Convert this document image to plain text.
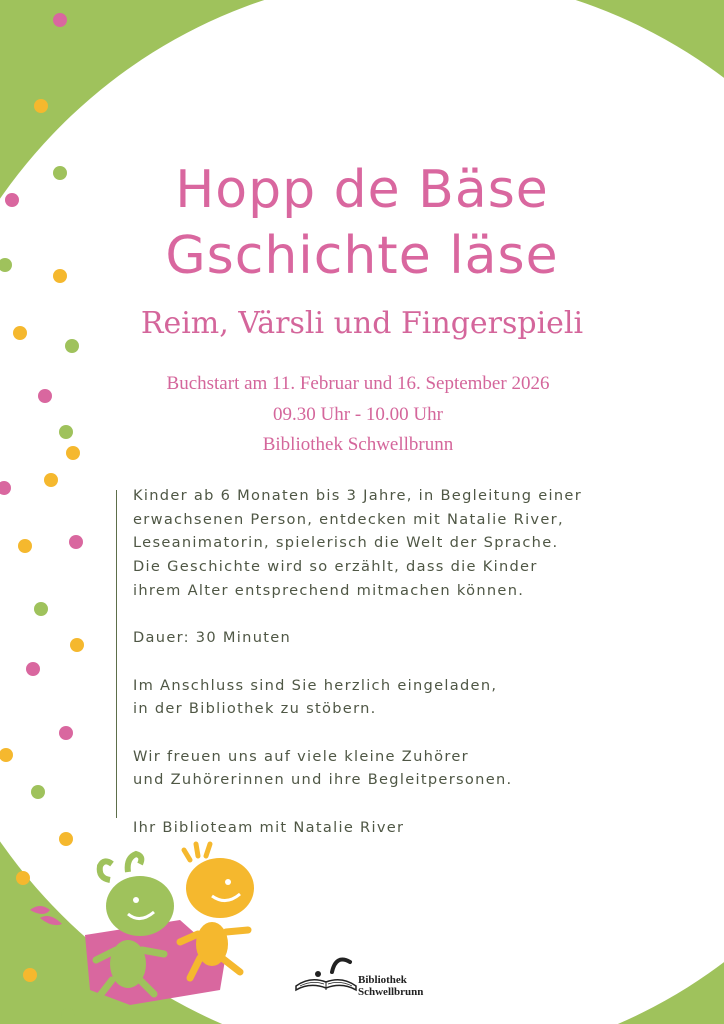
Hopp de Bäse
Gschichte läse
Reim, Värsli und Fingerspieli
Buchstart am 11. Februar und 16. September 2026
09.30 Uhr - 10.00 Uhr
Bibliothek Schwellbrunn

Kinder ab 6 Monaten bis 3 Jahre, in Begleitung einer
erwachsenen Person, entdecken mit Natalie River,
Leseanimatorin, spielerisch die Welt der Sprache.
Die Geschichte wird so erzählt, dass die Kinder
ihrem Alter entsprechend mitmachen können.

Dauer: 30 Minuten

Im Anschluss sind Sie herzlich eingeladen,
in der Bibliothek zu stöbern.

Wir freuen uns auf viele kleine Zuhörer
und Zuhörerinnen und ihre Begleitpersonen.

Ihr Biblioteam mit Natalie River

Bibliothek
Schwellbrunn
